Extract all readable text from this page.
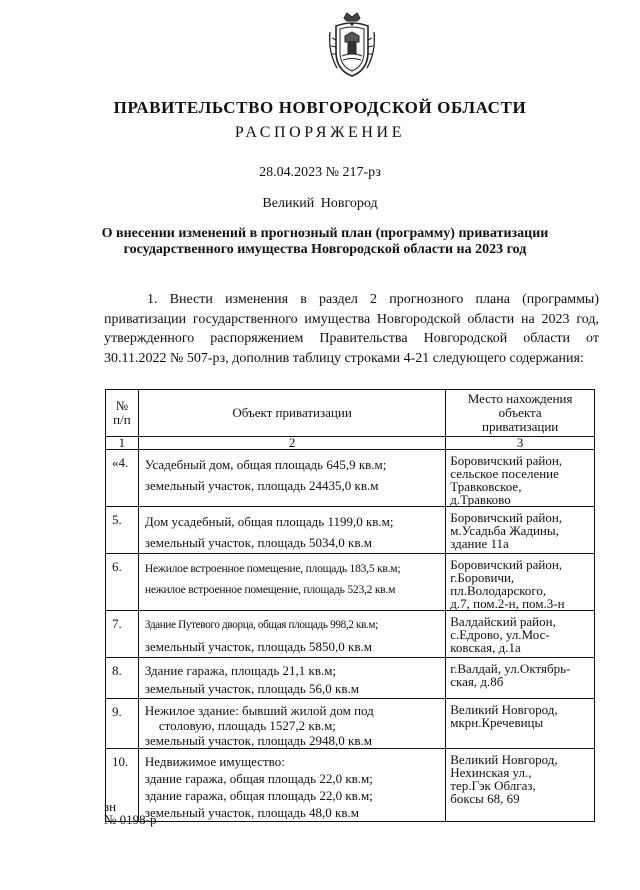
ПРАВИТЕЛЬСТВО НОВГОРОДСКОЙ ОБЛАСТИ
РАСПОРЯЖЕНИЕ
28.04.2023 № 217-рз
Великий Новгород
О внесении изменений в прогнозный план (программу) приватизации
государственного имущества Новгородской области на 2023 год
1. Внести изменения в раздел 2 прогнозного плана (программы) приватизации государственного имущества Новгородской области на 2023 год, утвержденного распоряжением Правительства Новгородской области от 30.11.2022 № 507-рз, дополнив таблицу строками 4-21 следующего содержания:
№
п/п	Объект приватизации	Место нахождения
объекта
приватизации
1	2	3
«4.	Усадебный дом, общая площадь 645,9 кв.м;
земельный участок, площадь 24435,0 кв.м	Боровичский район,
сельское поселение
Травковское,
д.Травково

5.	Дом усадебный, общая площадь 1199,0 кв.м;
земельный участок, площадь 5034,0 кв.м	Боровичский район,
м.Усадьба Жадины,
здание 11а

6.	Нежилое встроенное помещение, площадь 183,5 кв.м;
нежилое встроенное помещение, площадь 523,2 кв.м	Боровичский район,
г.Боровичи,
пл.Володарского,
д.7, пом.2-н, пом.3-н

7.	Здание Путевого дворца, общая площадь 998,2 кв.м;
земельный участок, площадь 5850,0 кв.м	Валдайский район,
с.Едрово, ул.Мос-
ковская, д.1а

8.	Здание гаража, площадь 21,1 кв.м;
земельный участок, площадь 56,0 кв.м	г.Валдай, ул.Октябрь-
ская, д.8б

9.	Нежилое здание: бывший жилой дом под
столовую, площадь 1527,2 кв.м;
земельный участок, площадь 2948,0 кв.м	Великий Новгород,
мкрн.Кречевицы

10.	Недвижимое имущество:
здание гаража, общая площадь 22,0 кв.м;
здание гаража, общая площадь 22,0 кв.м;
земельный участок, площадь 48,0 кв.м	Великий Новгород,
Нехинская ул.,
тер.Гэк Облгаз,
боксы 68, 69
зн
№ 0198-р
